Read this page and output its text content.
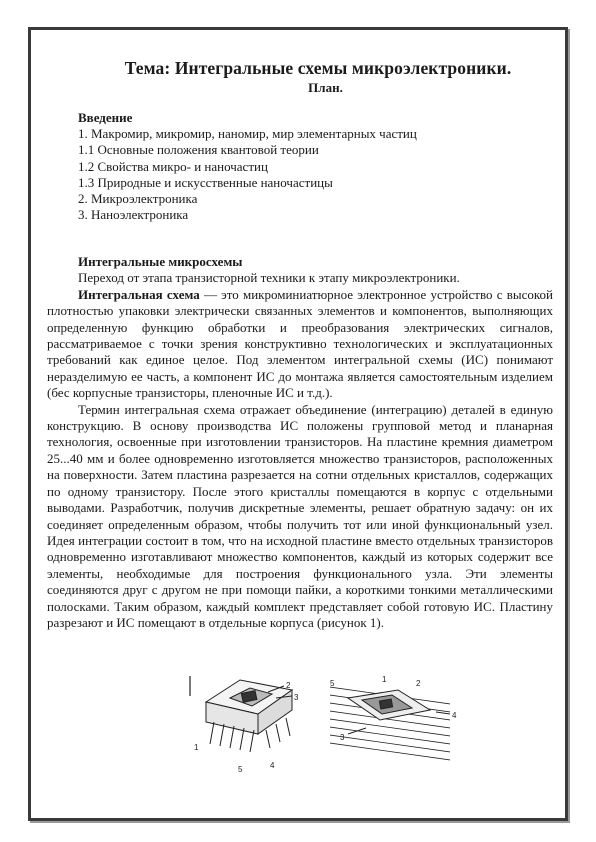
Тема: Интегральные схемы микроэлектроники.
План.
Введение
1. Макромир, микромир, наномир, мир элементарных частиц
1.1 Основные положения квантовой теории
1.2 Свойства микро- и наночастиц
1.3 Природные и искусственные наночастицы
2. Микроэлектроника
3. Наноэлектроника
Интегральные микросхемы

Переход от этапа транзисторной техники к этапу микроэлектроники.

Интегральная схема — это микроминиатюрное электронное устройство с высокой плотностью упаковки электрически связанных элементов и компонентов, выполняющих определенную функцию обработки и преобразования электрических сигналов, рассматриваемое с точки зрения конструктивно технологических и эксплуатационных требований как единое целое. Под элементом интегральной схемы (ИС) понимают неразделимую ее часть, а компонент ИС до монтажа является самостоятельным изделием (бес корпусные транзисторы, пленочные ИС и т.д.).

Термин интегральная схема отражает объединение (интеграцию) деталей в единую конструкцию. В основу производства ИС положены групповой метод и планарная технология, освоенные при изготовлении транзисторов. На пластине кремния диаметром 25...40 мм и более одновременно изготовляется множество транзисторов, расположенных на поверхности. Затем пластина разрезается на сотни отдельных кристаллов, содержащих по одному транзистору. После этого кристаллы помещаются в корпус с отдельными выводами. Разработчик, получив дискретные элементы, решает обратную задачу: он их соединяет определенным образом, чтобы получить тот или иной функциональный узел. Идея интеграции состоит в том, что на исходной пластине вместо отдельных транзисторов одновременно изготавливают множество компонентов, каждый из которых содержит все элементы, необходимые для построения функционального узла. Эти элементы соединяются друг с другом не при помощи пайки, а короткими тонкими металлическими полосками. Таким образом, каждый комплект представляет собой готовую ИС. Пластину разрезают и ИС помещают в отдельные корпуса (рисунок 1).

3
2
1
4
5
5	1	2
4
3
